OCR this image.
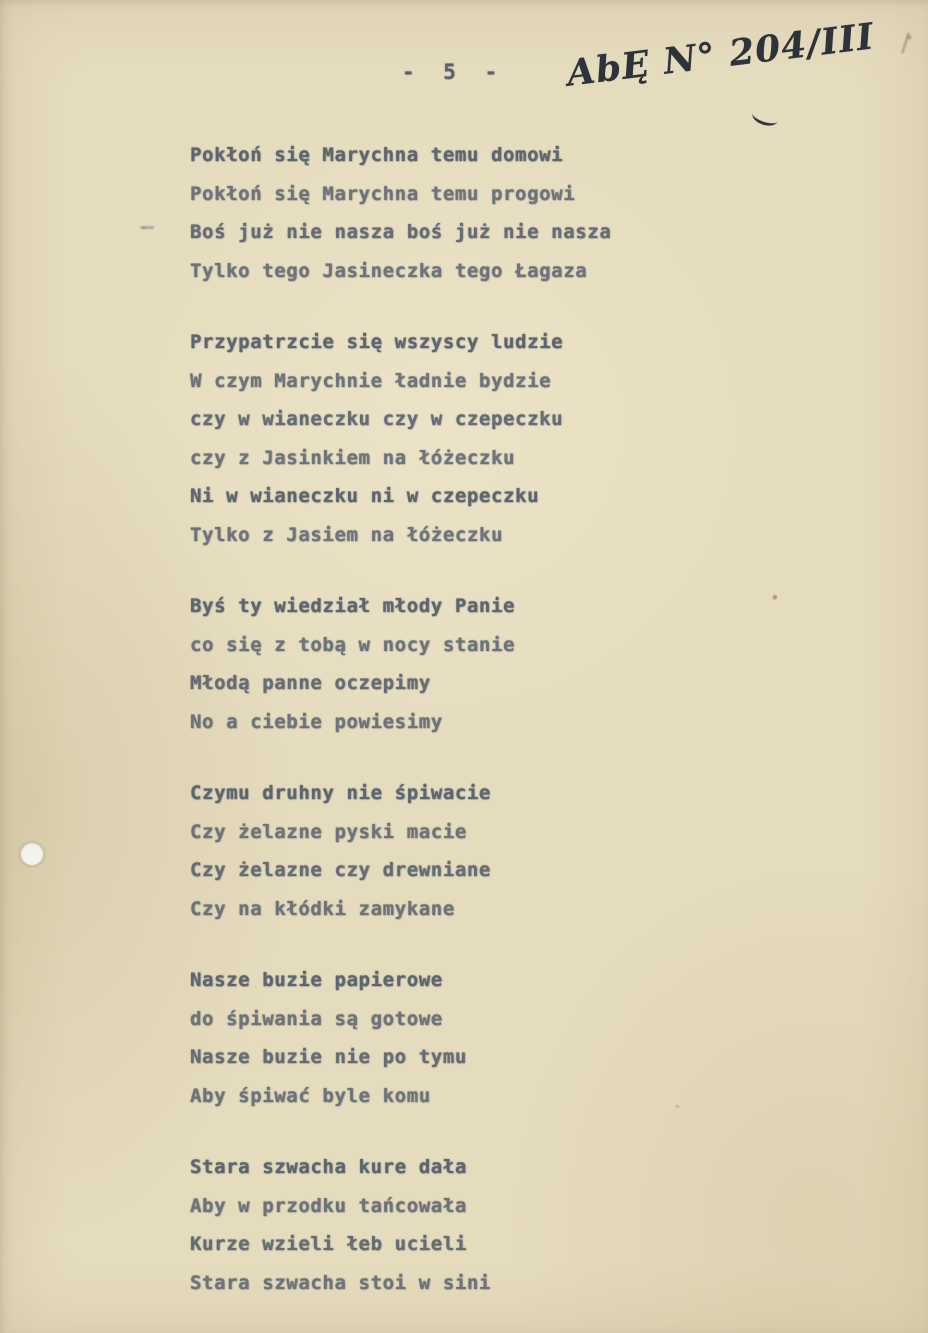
- 5 - AbĘ N° 204/III
Pokłoń się Marychna temu domowi
Pokłoń się Marychna temu progowi
Boś już nie nasza boś już nie nasza
Tylko tego Jasineczka tego Łagaza
Przypatrzcie się wszyscy ludzie
W czym Marychnie ładnie bydzie
czy w wianeczku czy w czepeczku
czy z Jasinkiem na łóżeczku
Ni w wianeczku ni w czepeczku
Tylko z Jasiem na łóżeczku
Byś ty wiedział młody Panie
co się z tobą w nocy stanie
Młodą panne oczepimy
No a ciebie powiesimy
Czymu druhny nie śpiwacie
Czy żelazne pyski macie
Czy żelazne czy drewniane
Czy na kłódki zamykane
Nasze buzie papierowe
do śpiwania są gotowe
Nasze buzie nie po tymu
Aby śpiwać byle komu
Stara szwacha kure dała
Aby w przodku tańcowała
Kurze wzieli łeb ucieli
Stara szwacha stoi w sini
